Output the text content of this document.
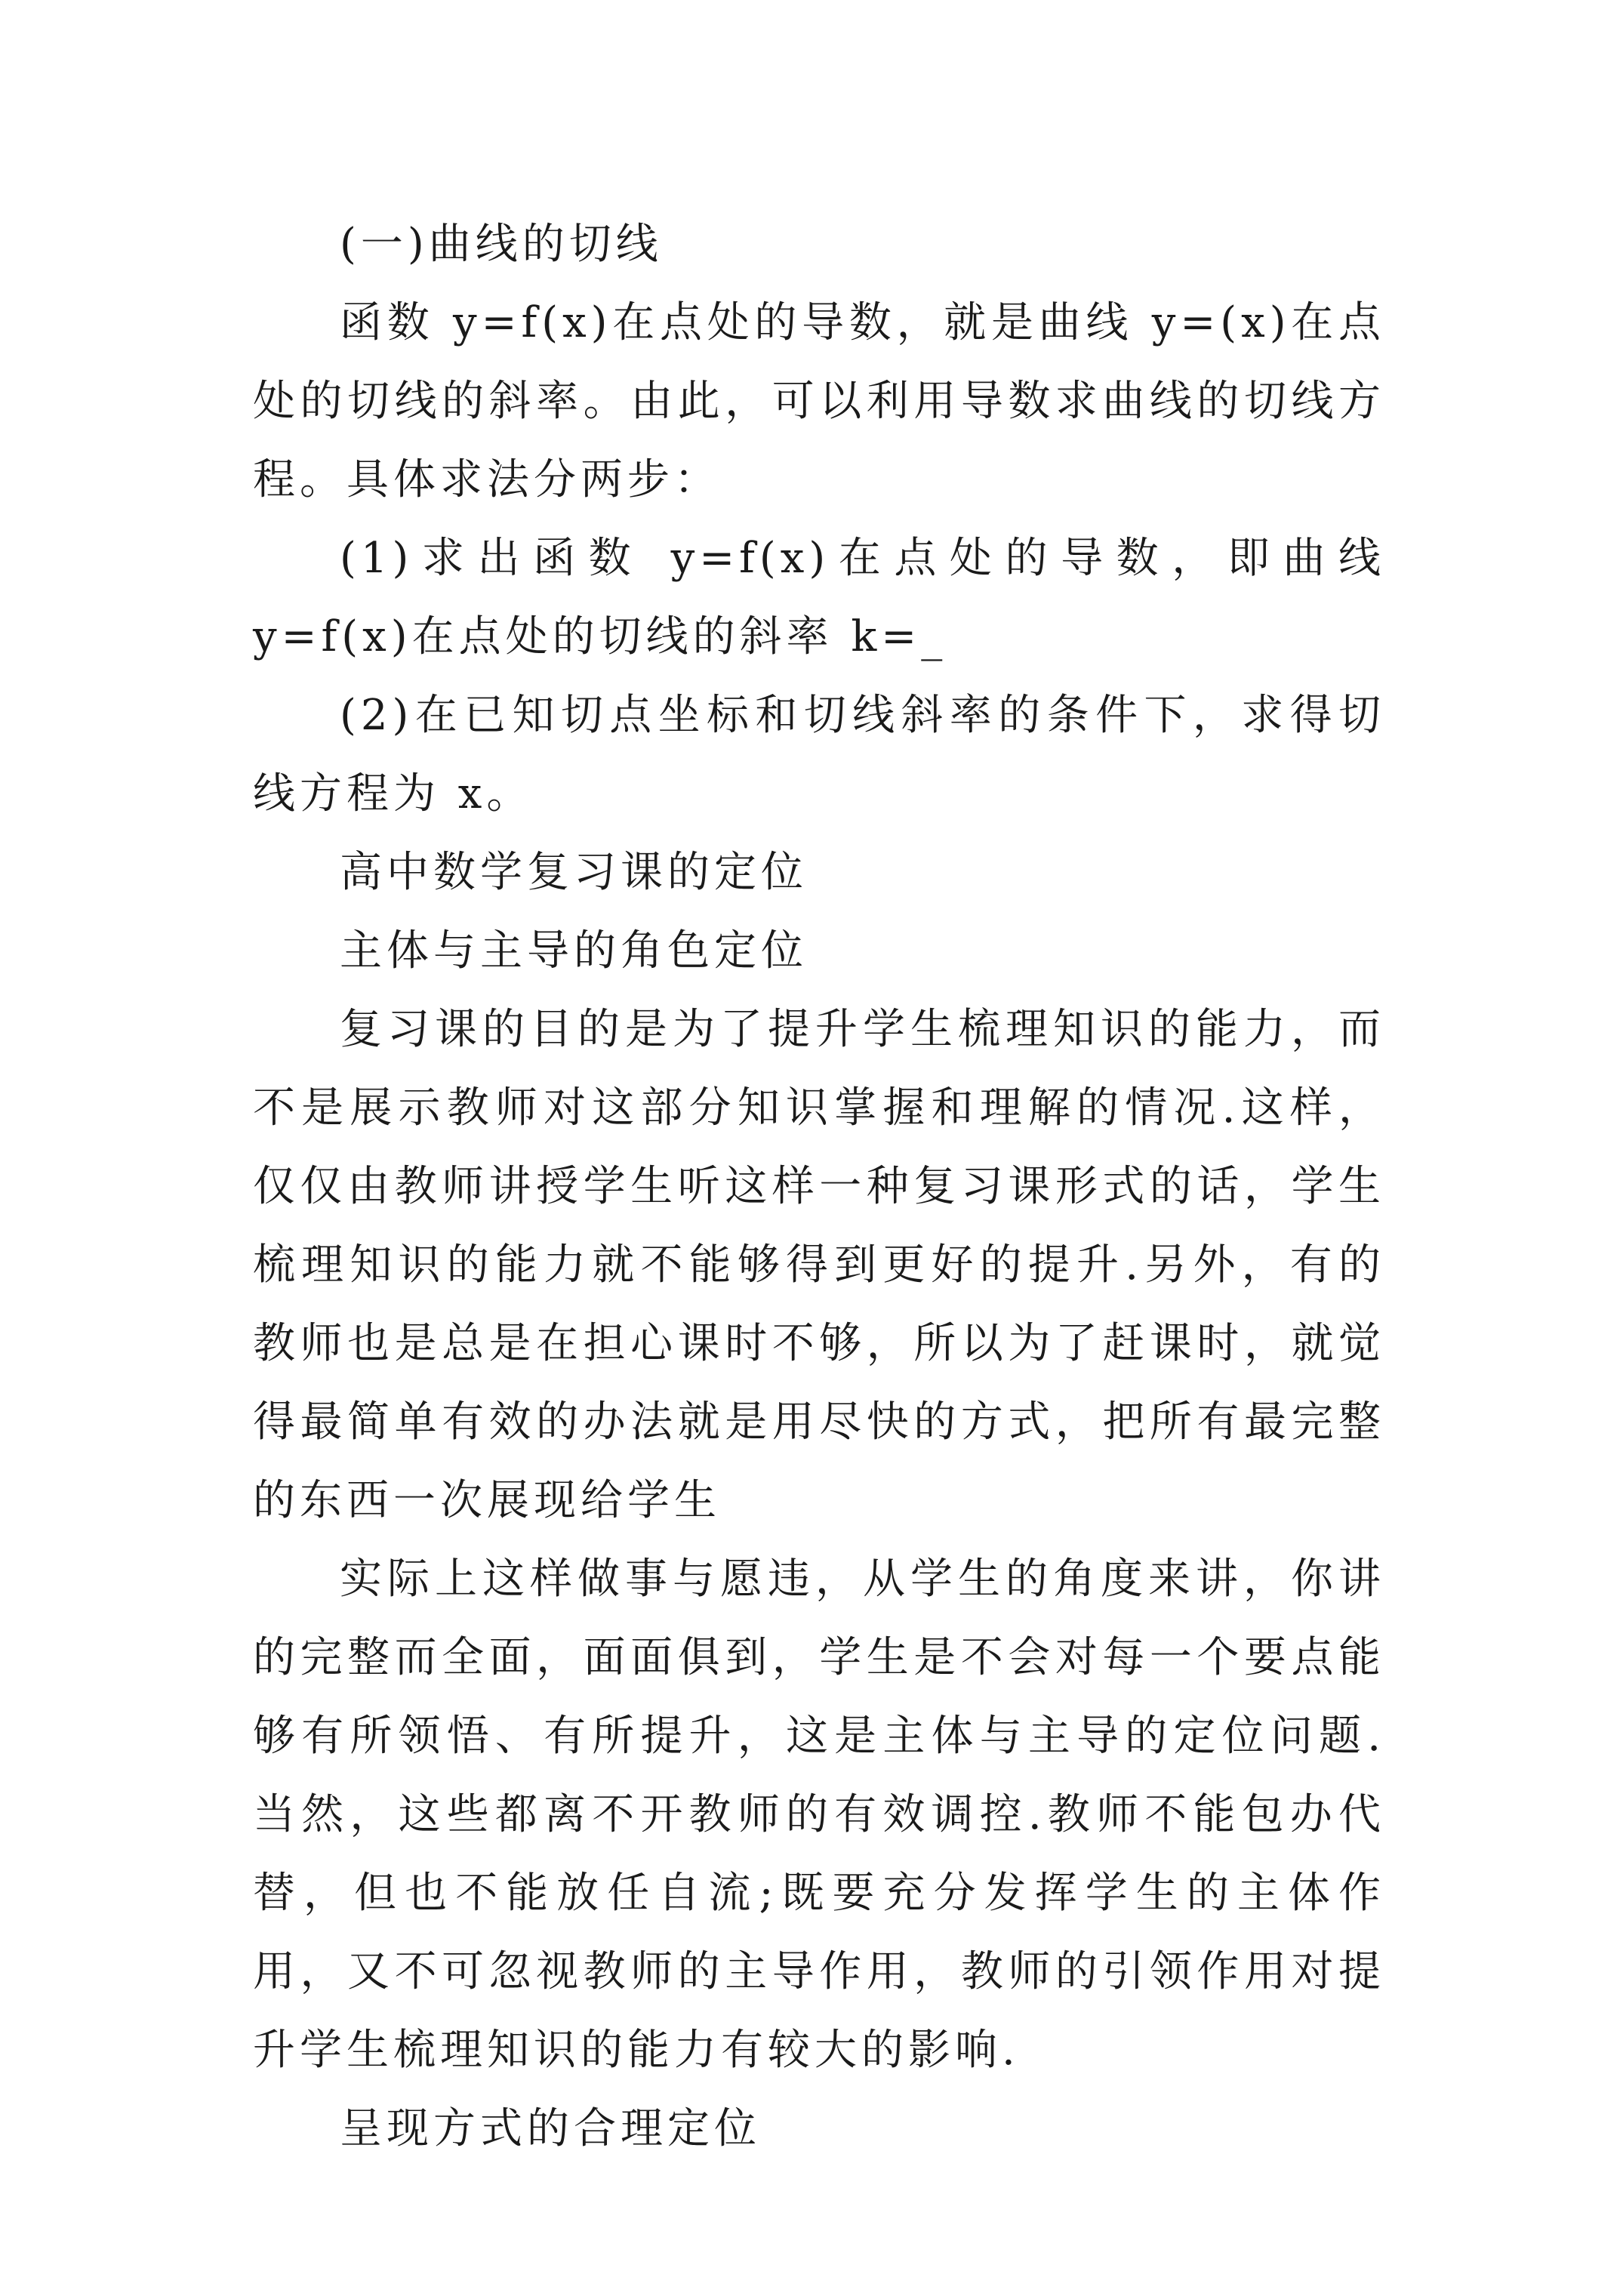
(一)曲线的切线

函数 y=f(x)在点处的导数，就是曲线 y=(x)在点处的切线的斜率。由此，可以利用导数求曲线的切线方程。具体求法分两步：

(1)求出函数 y=f(x)在点处的导数，即曲线 y=f(x)在点处的切线的斜率 k=_

(2)在已知切点坐标和切线斜率的条件下，求得切线方程为 x。

高中数学复习课的定位

主体与主导的角色定位

复习课的目的是为了提升学生梳理知识的能力，而不是展示教师对这部分知识掌握和理解的情况.这样，仅仅由教师讲授学生听这样一种复习课形式的话，学生梳理知识的能力就不能够得到更好的提升.另外，有的教师也是总是在担心课时不够，所以为了赶课时，就觉得最简单有效的办法就是用尽快的方式，把所有最完整的东西一次展现给学生

实际上这样做事与愿违，从学生的角度来讲，你讲的完整而全面，面面俱到，学生是不会对每一个要点能够有所领悟、有所提升，这是主体与主导的定位问题.当然，这些都离不开教师的有效调控.教师不能包办代替，但也不能放任自流;既要充分发挥学生的主体作用，又不可忽视教师的主导作用，教师的引领作用对提升学生梳理知识的能力有较大的影响.

呈现方式的合理定位
